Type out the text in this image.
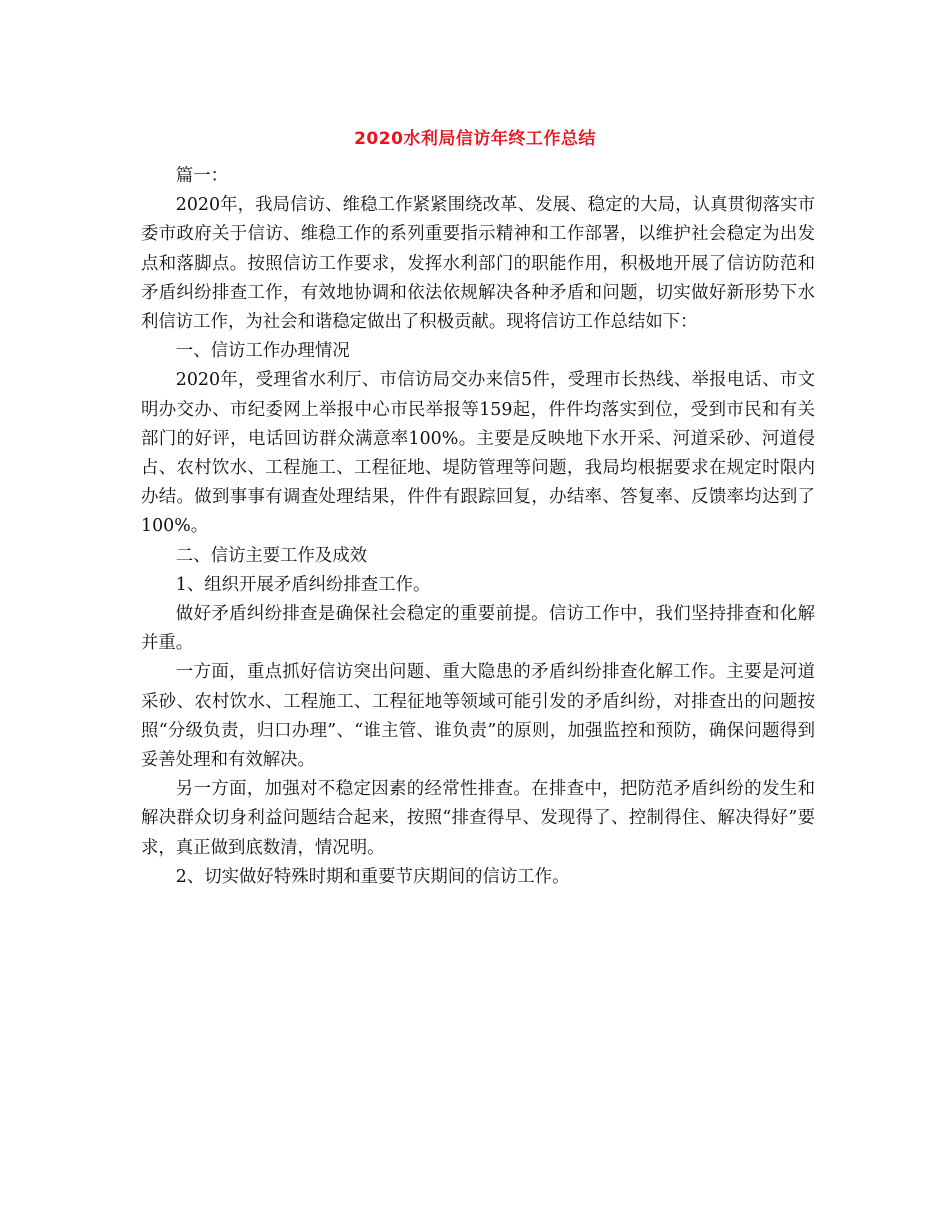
2020水利局信访年终工作总结

篇一：

2020年，我局信访、维稳工作紧紧围绕改革、发展、稳定的大局，认真贯彻落实市委市政府关于信访、维稳工作的系列重要指示精神和工作部署，以维护社会稳定为出发点和落脚点。按照信访工作要求，发挥水利部门的职能作用，积极地开展了信访防范和矛盾纠纷排查工作，有效地协调和依法依规解决各种矛盾和问题，切实做好新形势下水利信访工作，为社会和谐稳定做出了积极贡献。现将信访工作总结如下：

一、信访工作办理情况

2020年，受理省水利厅、市信访局交办来信5件，受理市长热线、举报电话、市文明办交办、市纪委网上举报中心市民举报等159起，件件均落实到位，受到市民和有关部门的好评，电话回访群众满意率100%。主要是反映地下水开采、河道采砂、河道侵占、农村饮水、工程施工、工程征地、堤防管理等问题，我局均根据要求在规定时限内办结。做到事事有调查处理结果，件件有跟踪回复，办结率、答复率、反馈率均达到了100%。

二、信访主要工作及成效

1、组织开展矛盾纠纷排查工作。

做好矛盾纠纷排查是确保社会稳定的重要前提。信访工作中，我们坚持排查和化解并重。

一方面，重点抓好信访突出问题、重大隐患的矛盾纠纷排查化解工作。主要是河道采砂、农村饮水、工程施工、工程征地等领域可能引发的矛盾纠纷，对排查出的问题按照“分级负责，归口办理”、“谁主管、谁负责”的原则，加强监控和预防，确保问题得到妥善处理和有效解决。

另一方面，加强对不稳定因素的经常性排查。在排查中，把防范矛盾纠纷的发生和解决群众切身利益问题结合起来，按照“排查得早、发现得了、控制得住、解决得好”要求，真正做到底数清，情况明。

2、切实做好特殊时期和重要节庆期间的信访工作。
